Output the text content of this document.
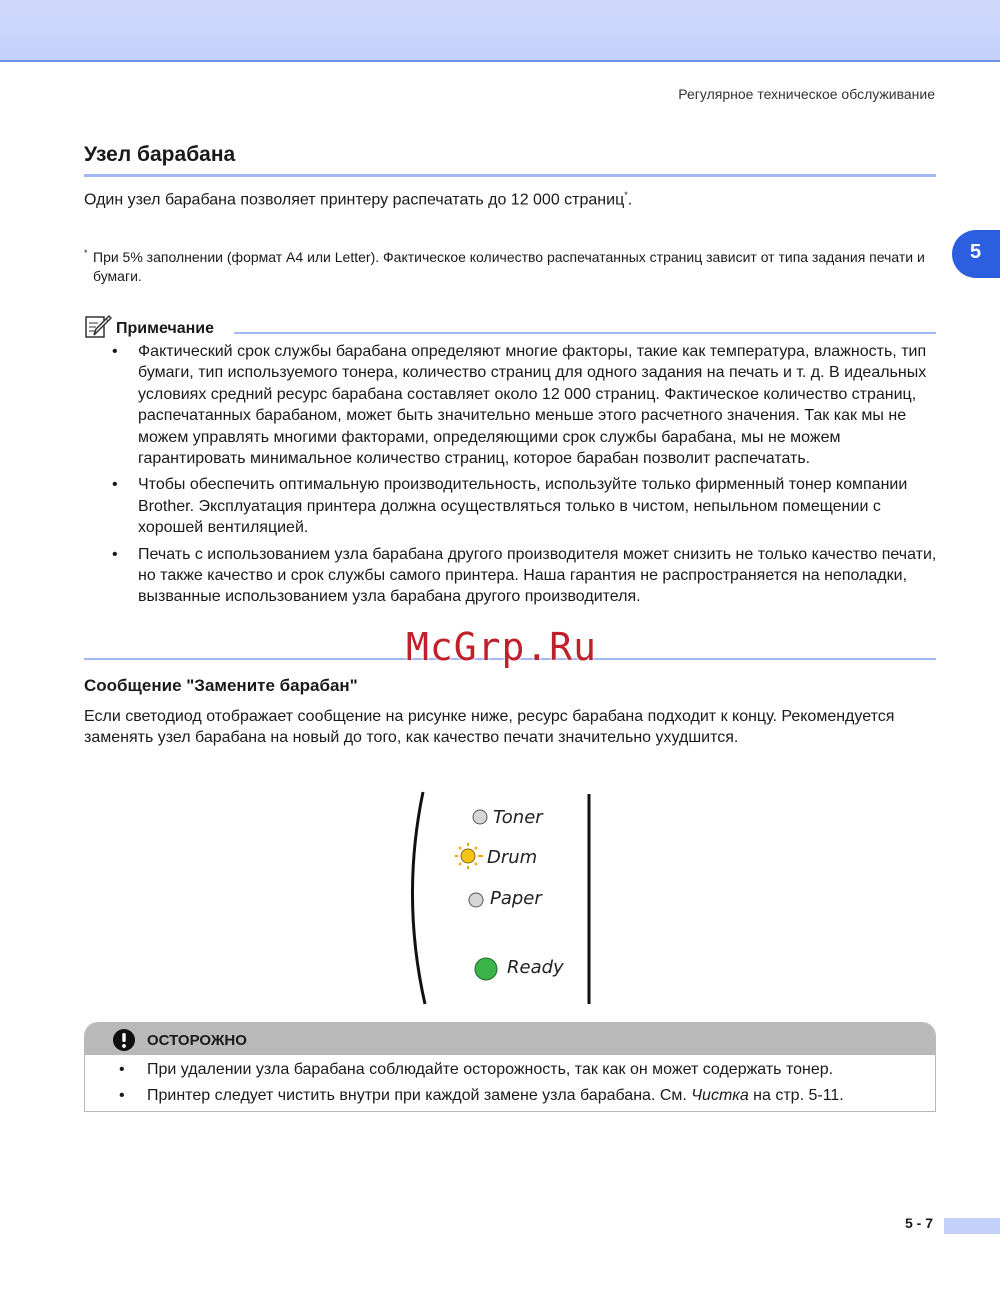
Регулярное техническое обслуживание
5
Узел барабана

Один узел барабана позволяет принтеру распечатать до 12 000 страниц*.

* При 5% заполнении (формат A4 или Letter). Фактическое количество распечатанных страниц зависит от типа задания печати и бумаги.

Примечание
• Фактический срок службы барабана определяют многие факторы, такие как температура, влажность, тип бумаги, тип используемого тонера, количество страниц для одного задания на печать и т. д. В идеальных условиях средний ресурс барабана составляет около 12 000 страниц. Фактическое количество страниц, распечатанных барабаном, может быть значительно меньше этого расчетного значения. Так как мы не можем управлять многими факторами, определяющими срок службы барабана, мы не можем гарантировать минимальное количество страниц, которое барабан позволит распечатать.
• Чтобы обеспечить оптимальную производительность, используйте только фирменный тонер компании Brother. Эксплуатация принтера должна осуществляться только в чистом, непыльном помещении с хорошей вентиляцией.
• Печать с использованием узла барабана другого производителя может снизить не только качество печати, но также качество и срок службы самого принтера. Наша гарантия не распространяется на неполадки, вызванные использованием узла барабана другого производителя.
McGrp.Ru
Сообщение "Замените барабан"

Если светодиод отображает сообщение на рисунке ниже, ресурс барабана подходит к концу. Рекомендуется заменять узел барабана на новый до того, как качество печати значительно ухудшится.

Toner
Drum
Paper
Ready
ОСТОРОЖНО
• При удалении узла барабана соблюдайте осторожность, так как он может содержать тонер.
• Принтер следует чистить внутри при каждой замене узла барабана. См. Чистка на стр. 5-11.
5 - 7
